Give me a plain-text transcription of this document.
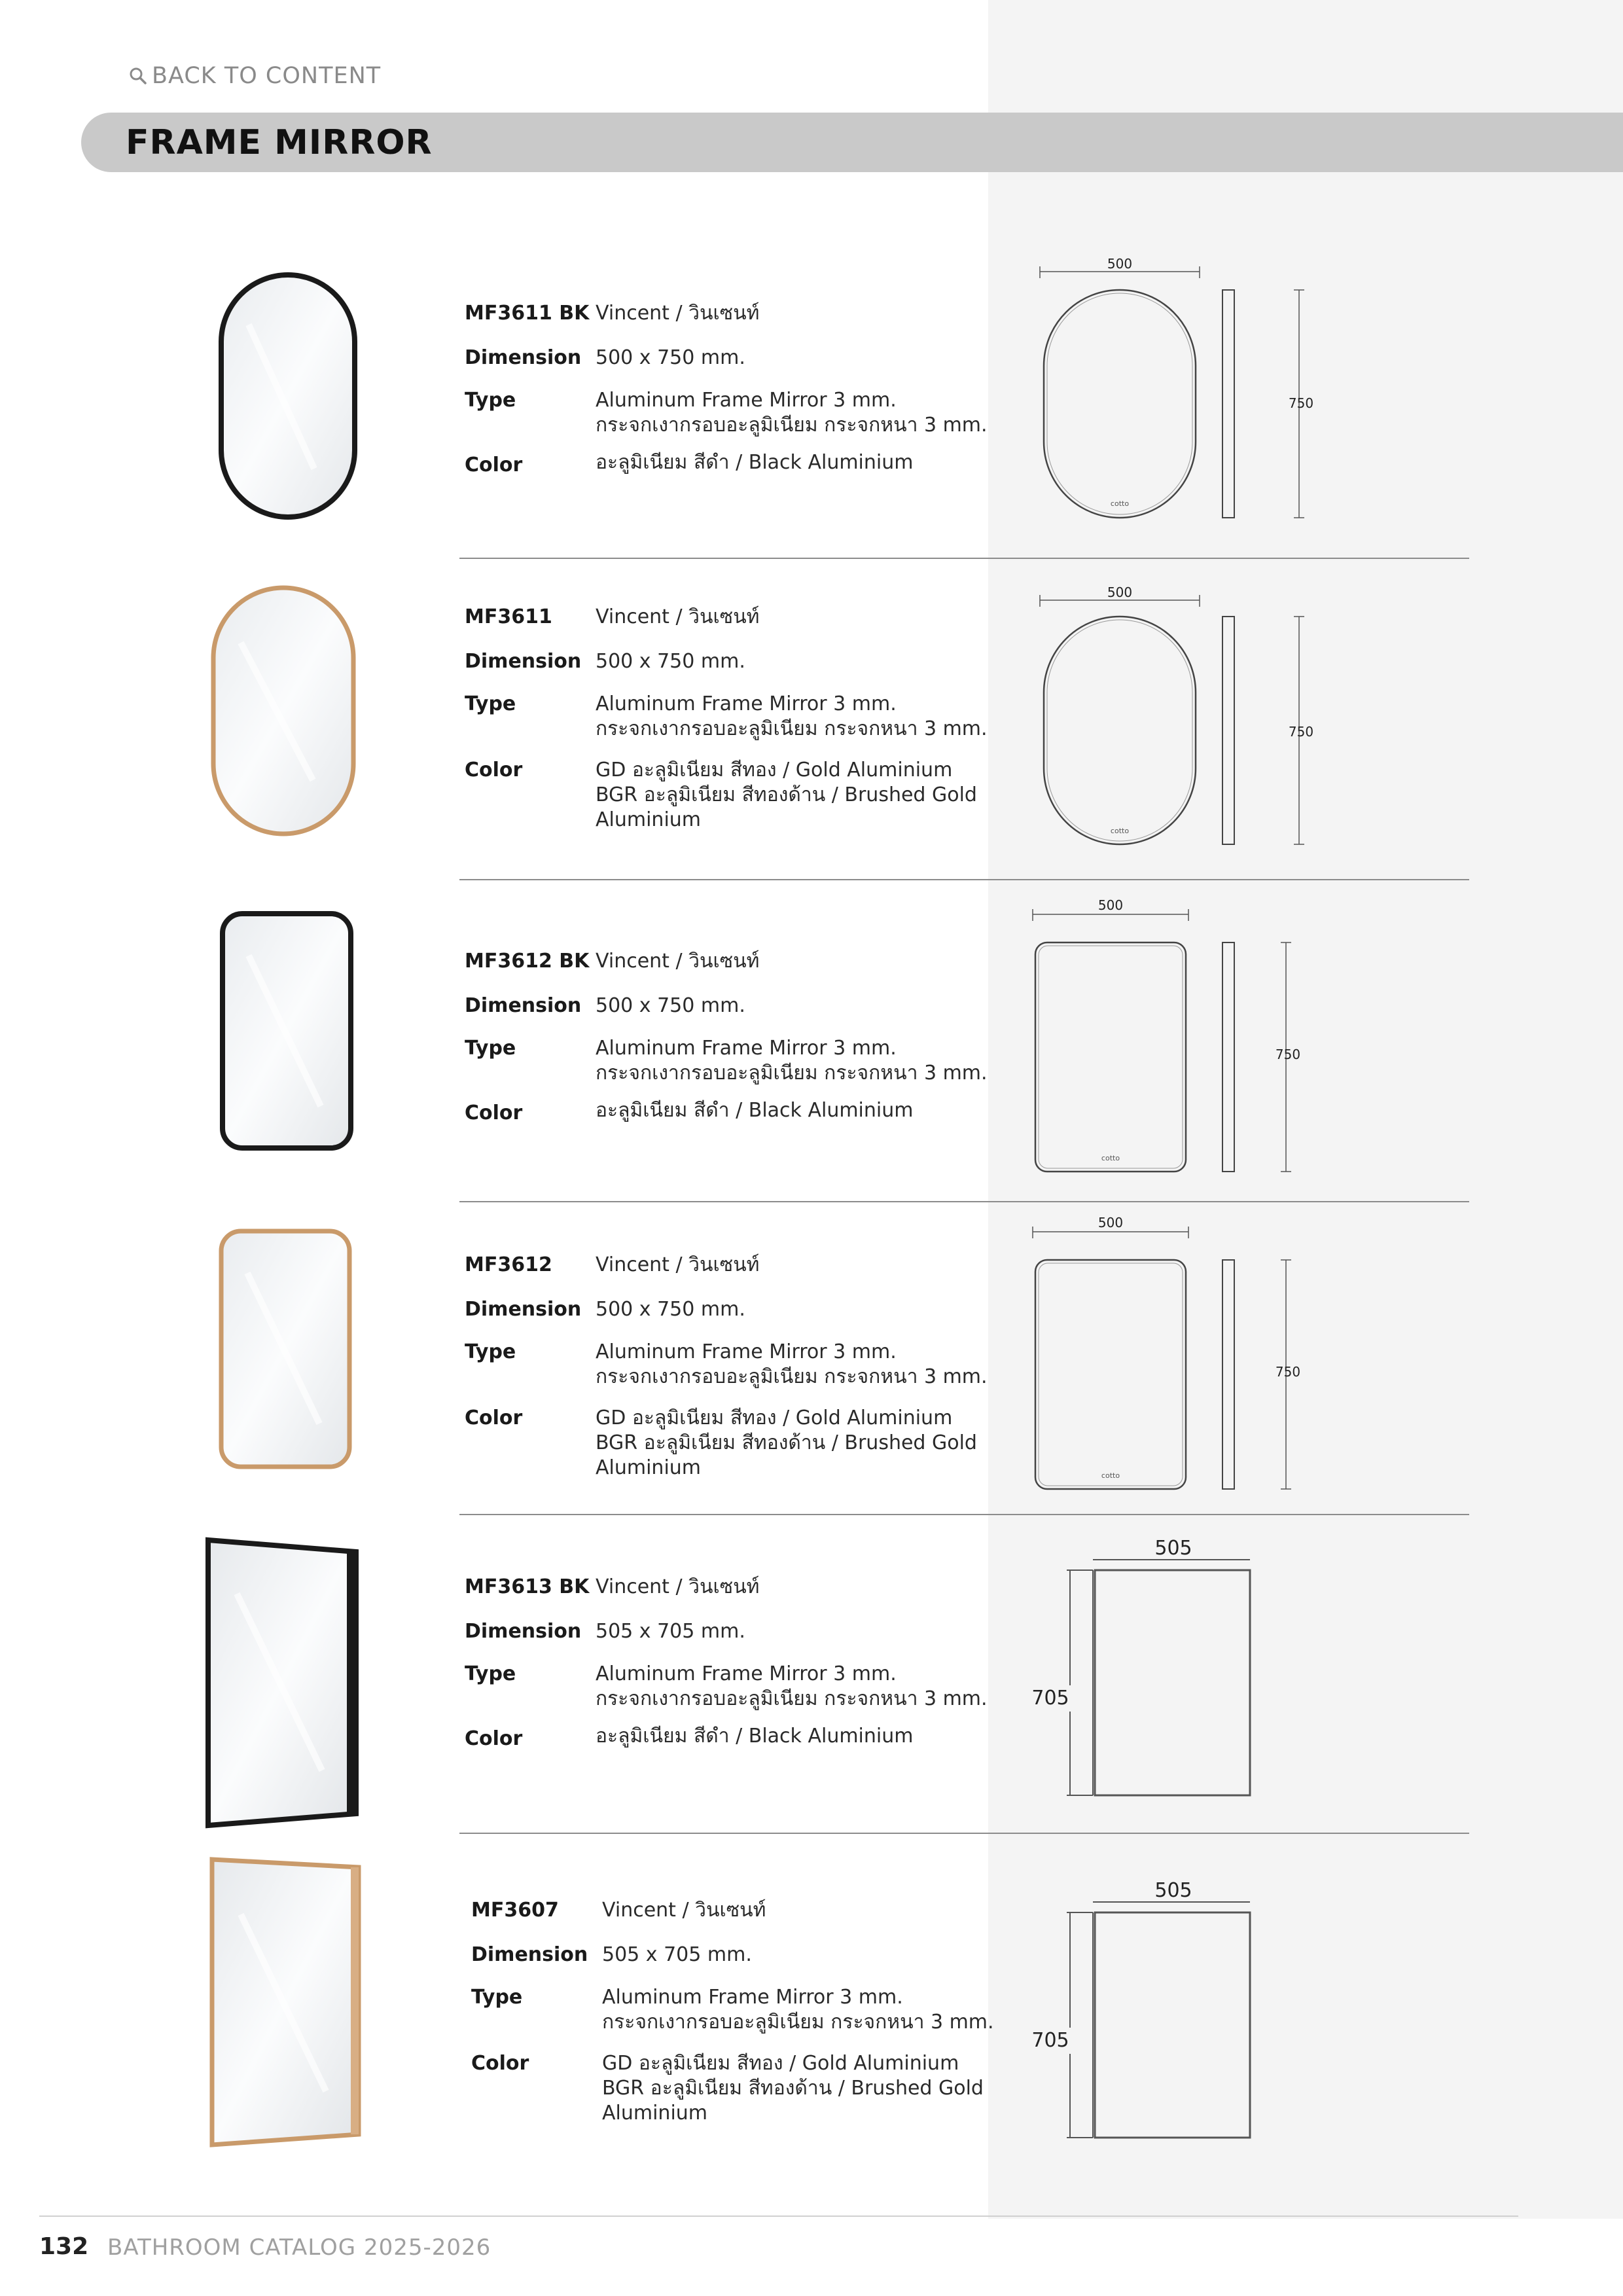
BACK TO CONTENT
FRAME MIRROR
MF3611 BK Vincent / วินเซนท์
Dimension 500 x 750 mm.
Type	Aluminum Frame Mirror 3 mm.
กระจกเงากรอบอะลูมิเนียม กระจกหนา 3 mm.
Color	อะลูมิเนียม สีดำ / Black Aluminium
500
cotto
750
MF3611 Vincent / วินเซนท์
Dimension 500 x 750 mm.
Type	Aluminum Frame Mirror 3 mm.
กระจกเงากรอบอะลูมิเนียม กระจกหนา 3 mm.
Color	GD อะลูมิเนียม สีทอง / Gold Aluminium
BGR อะลูมิเนียม สีทองด้าน / Brushed Gold
Aluminium
500
cotto
750
MF3612 BK Vincent / วินเซนท์
Dimension 500 x 750 mm.
Type	Aluminum Frame Mirror 3 mm.
กระจกเงากรอบอะลูมิเนียม กระจกหนา 3 mm.
Color	อะลูมิเนียม สีดำ / Black Aluminium
500
cotto
750
MF3612 Vincent / วินเซนท์
Dimension 500 x 750 mm.
Type	Aluminum Frame Mirror 3 mm.
กระจกเงากรอบอะลูมิเนียม กระจกหนา 3 mm.
Color	GD อะลูมิเนียม สีทอง / Gold Aluminium
BGR อะลูมิเนียม สีทองด้าน / Brushed Gold
Aluminium
500
cotto
750
MF3613 BK Vincent / วินเซนท์
Dimension 505 x 705 mm.
Type	Aluminum Frame Mirror 3 mm.
กระจกเงากรอบอะลูมิเนียม กระจกหนา 3 mm.
Color	อะลูมิเนียม สีดำ / Black Aluminium
505
705
MF3607 Vincent / วินเซนท์
Dimension 505 x 705 mm.
Type	Aluminum Frame Mirror 3 mm.
กระจกเงากรอบอะลูมิเนียม กระจกหนา 3 mm.
Color	GD อะลูมิเนียม สีทอง / Gold Aluminium
BGR อะลูมิเนียม สีทองด้าน / Brushed Gold
Aluminium
505
705
132 BATHROOM CATALOG 2025-2026
